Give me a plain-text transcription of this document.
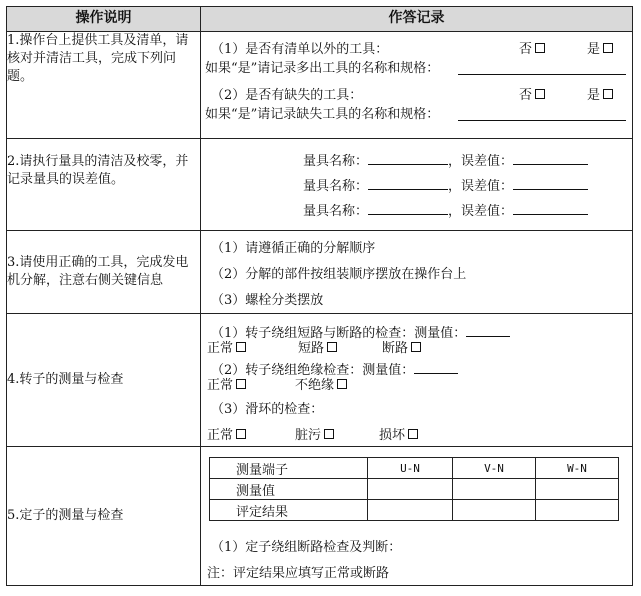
操作说明	作答记录
1.操作台上提供工具及清单，请核对并清洁工具，完成下列问题。	
（1）是否有清单以外的工具：	否	是
如果“是”请记录多出工具的名称和规格：
（2）是否有缺失的工具：	否	是
如果“是”请记录缺失工具的名称和规格：

2.请执行量具的清洁及校零，并记录量具的误差值。	
量具名称：	，误差值：
量具名称：	，误差值：
量具名称：	，误差值：

3.请使用正确的工具，完成发电机分解，注意右侧关键信息	
（1）请遵循正确的分解顺序
（2）分解的部件按组装顺序摆放在操作台上
（3）螺栓分类摆放

4.转子的测量与检查	
（1）转子绕组短路与断路的检查：测量值：
正常	短路	断路
（2）转子绕组绝缘检查：测量值：
正常	不绝缘
（3）滑环的检查：
正常	脏污	损坏

5.定子的测量与检查	
测量端子	U-N	V-N	W-N
测量值			
评定结果			
（1）定子绕组断路检查及判断：
注：评定结果应填写正常或断路
